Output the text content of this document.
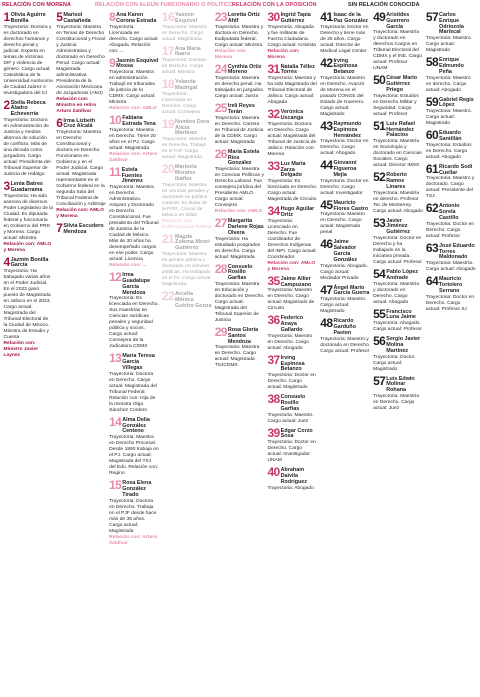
RELACIÓN CON MORENA	RELACIÓN CON ALGÚN FUNCIONARIO O POLÍTICO
RELACIÓN CON LA OPOSICIÓN	SIN RELACIÓN CONOCIDA
1 Olivia Aguirre Bonilla
Trayectoria: Doctora y es doctorado en derechos humanos y derecho penal y judicial. Experta en temas de víctimas. DIF y violencia de género. Cargo actual: Catedrática de la Universidad Autónoma de Ciudad Juárez e investigadora del IIJ
2 Stella Rebeca Aladro Echeverría
Trayectoria: Doctora en Administración de Justicia y medios alternos de solución de conflicto. Más de una década como juzgadora. Cargo actual: Presidenta del Tribunal Superior de Justicia de Hidalgo
3 Lenia Batres Guadarrama
Trayectoria: Ha sido asesora de diversos Poder Legislativo de la Ciudad. Ex diputada federal y funcionaria en Gobierno del PRD y Morena. Cargo actual: Ministra
Relación con: AMLO y Morena
4 Jazmín Bonilla García
Trayectoria: Ha trabajado varias años en el Poder Judicial. En el 2023 ganó puesto de Magistrada en Jalisco en el 2023. Cargo actual: Magistrada del Tribunal Electoral de la Ciudad de México. Ministra de Estudio y Cuenta
Relación con: Ministro Javier Laynez
5 Marisol Castañeda
Trayectoria: Maestra en Temas de Derecho Constitucional y Fiscal y Justicia Administrativa y doctorado en Derecho Penal. Cargo actual: Magistrada administrativa Presidenta de la Asociación Mexicana de Juzgadoras (AMJ)
Relación con: Ministro en retiro Arturo Zaldívar
6 Irma Lizbeth Cruz Alcalá
Trayectoria: Maestra en Derecho Constitucional y doctora en Derecho. Funcionaria en Gobierno y en el Poder Judicial. Cargo actual: Magistrada representante en el Gobierno federal en la segunda Sala del Tribunal Federal de Conciliación y Arbitraje
Relación con: AMLO y Morena
7 Silvia Escudero Mendoza
8 Ana Karen Corona Estrada
Trayectoria: Licenciada en derecho. Cargo actual: Abogada. Relación con: ...
9 Jasmín Esquivel Mossa
Trayectoria: Maestra en administración. Trabajó en tribunales de justicia de la CDMX. Cargo actual: Ministra
Relación con: AMLO
10 Fabiana Estrada Tena
Trayectoria: Maestra en Derecho. Tiene 20 años en el PJ. Cargo actual: Magistrada
Relación con: Arturo Zaldívar
11 Estela Fuentes Jiménez
Trayectoria: Maestra en Derecho Administrativo. Amparo y Doctorado en Derecho Constitucional. Fue presidenta del Tribunal de Justicia de la Ciudad de México. Más de 30 años ha desempeñado cargos en ese poder. Cargo actual: Licencia
Relación con: ...
12 Irma Guadalupe García Mendoza
Trayectoria: Es licenciada en Derecho. Sus maestrías en Ciencias Jurídicas penales y seguridad pública y socios. Cargo actual: Consejera de la Judicatura CDMX
13 María Teresa García Villegas
Trayectoria: Doctora en Derecho. Cargo actual: Magistrada del Tribunal Federal. Relación con: Hija de la ministra Olga Sánchez Cordero
14 Alma Delia González Centeno
Trayectoria: Maestra en Derecho Procesal. Desde 1990 trabaja en el PJ. Cargo actual: Magistrada del TSJ del Edo. Relación con: Regino
15 Rosa Elena González Tirado
Trayectoria: Doctora en Derecho. Trabaja en el PJF desde hace más de 35 años. Cargo actual: Magistrada
Relación con: Arturo Zaldívar
16 Yasmín Esquivel
Trayectoria: Maestra en Derecho. Cargo actual: Magistrada
17 Ana María Ibarra
Trayectoria: Doctora en Derecho. Cargo actual: Ministra
18 Yolanda Madrigal
Trayectoria: Licenciada en Derecho. Cargo actual: Consejera
19 Nombre Dora Alicia Martínez
Trayectoria: Maestra en Derecho. Trabajó en el PJF. Cargo actual: Magistrada
20 Marisela Morales Ibáñez
Trayectoria: Maestra en ciencias penales y doctorado en política criminal. Ex titular de la PGR, Cónsul de México en Milán
Relación con: Exfuncionaria federal
21 Magda Zulema Mosri Gutiérrez
Trayectoria: Maestra en gestión pública y doctorado en ciencias políticas. Ha trabajado en el PJ. Cargo actual: Magistrada
22 Arcelia Mónica Guicho Gonza
23 Loretta Ortiz Ahlf
Trayectoria: Maestra y doctora en Derecho. Exdiputada federal. Cargo actual: Ministra
Relación con: Morena
24 Cynthia Ortiz Moreno
Trayectoria: Maestra en derecho penal. Ha trabajado en juzgados. Cargo actual: Jueza
25 Ireli Reyes Terán
Trayectoria: Maestra en Derecho. Carrera en Tribunal de Justicia de la CDMX. Cargo actual: Magistrada
26 María Estela Ríos González
Trayectoria: Maestra en Ciencias Políticas y Derecho Laboral. Fue consejera jurídica del Presidente AMLO. Cargo actual: Consejera
Relación con: AMLO
27 Margarita Darlene Rojas Olvera
Trayectoria: Ha estudiado posgrados en derecho. Cargo actual: Magistrada
28 Consuelo Rosillo Garfias
Trayectoria: Maestra en Educación y doctorado en Derecho. Cargo actual: Magistrada del Tribunal Superior de Justicia
29 Rosa Gloria Santos Mendoza
Trayectoria: Maestra en Derecho. Cargo actual: Magistrada TSJCDMX
30 Ingrid Tapia Gutiérrez
Trayectoria: Abogada y fue militante de Fuerza Ciudadana. Cargo actual: Activista
Relación con: Morena
31 Natalia Téllez Torres
Trayectoria: Maestra y ha sido Magistrada del Tribunal Electoral de Jalisco. Cargo actual: Abogada
32 Verónica Uscanga
Trayectoria: Doctora en Derecho. Cargo actual: Magistrada del Tribunal de Justicia de Jalisco. Relación con: Morena
33 Luz María Zarza Delgado
Trayectoria: Es licenciada en Derecho. Cargo actual: Magistrada de Circuito
34 Hugo Aguilar Ortiz
Trayectoria: Licenciado en Derecho. Fue coordinador de Derechos Indígenas del INPI. Cargo actual: Coordinador
Relación con: AMLO y Morena
35 Jaime Allier Campuzano
Trayectoria: Maestro en Derecho. Cargo actual: Magistrado de Circuito
36 Federico Anaya Gallardo
Trayectoria: Maestro en Derecho. Cargo actual: Abogado
37 Irving Espinosa Betanzo
Trayectoria: Doctor en Derecho. Cargo actual: Magistrado
38 Consuelo Rosillo Garfias
Trayectoria: Maestro. Cargo actual: Juez
39 Edgar Corzo Sosa
Trayectoria: Doctor en Derecho. Cargo actual: Investigador UNAM
40 Abraham Daivila Rodriguez
Trayectoria: Abogado
41 Isaac de la Paz González
Trayectoria: Doctor en Derecho y tiene más de 20 años. Cargo actual: Director de Medical Legal Center
42 Irving Espinosa Betanzo
Trayectoria: Maestro en Derecho. Avanzó de Morena en el pasado CONGE del Estado de Guerrero. Cargo actual: Magistrado
43 Raymundo Espinoza Hernández
Trayectoria: Doctor en Derecho. Cargo actual: Abogado
44 Giovanni Figueroa Mejía
Trayectoria: Doctor en Derecho. Cargo actual: Investigador
45 Mauricio Flores Castro
Trayectoria: Maestro en Derecho. Cargo actual: Magistrado penal
46 Jaime Salvador García González
Trayectoria: Abogado. Cargo actual: Mediador Privado
47 Ángel Mario García Guerra
Trayectoria: Maestro. Cargo actual: Magistrado
48 Ricardo Garduño Pasten
Trayectoria: Maestro y doctorado en Derecho. Cargo actual: Profesor
49 Aristides Guerrero García
Trayectoria: Maestría y doctorado en derechos Cargos en Tribunal Electoral del CDMX y el INE. Cargo actual: Profesor UNAM
50 César Mario Gutiérrez Priego
Trayectoria: Estudios en Derecho Militar y Seguridad. Cargo actual: Profesor
51 Luis Rafael Hernández Palacios
Trayectoria: Maestría en Sociología y doctorado en Ciencias Sociales. Cargo actual: Director IMSS
52 Roberto Ramos Linares
Trayectoria: Maestría en derecho. Profesor Tec de Monterrey. Cargo actual: Abogado
53 Javier Jiménez Gutiérrez
Trayectoria: Doctor en Derecho y ha trabajado en la iniciativa privada. Cargo actual: Profesor
54 Pablo López Andrade
Trayectoria: Maestría y doctorado en Derecho. Cargo actual: Abogado
55 Francisco Luna Jaime
Trayectoria: Abogado. Cargo actual: Profesor
56 Sergio Javier Molina Martínez
Trayectoria: Doctor. Cargo actual: Magistrado
57 Luis Edwin Molinar Rohana
Trayectoria: Maestría en Derecho. Cargo actual: Juez
57 Carlos Enrique Odriozola Mariscal
Trayectoria: Maestro. Cargo actual: Magistrado
58 Enrique Edmundo Peña
Trayectoria: Maestro en derecho. Cargo actual: Abogado
59 Gabriel Regis López
Trayectoria: Maestro. Cargo actual: Magistrado
60 Eduardo Santillán
Trayectoria: Estudios en Derecho. Cargo actual: Abogado
61 Ricardo Sodi Cuellar
Trayectoria: Maestro y doctorado. Cargo actual: Presidente del TSJ
62 Antonio Sorela Castillo
Trayectoria: Doctor en Derecho. Cargo actual: Profesor
63 José Eduardo Torres Maldonado
Trayectoria: Maestría. Cargo actual: Abogado
64 Mauricio Tortolero Serrano
Trayectoria: Doctor en Derecho. Cargo actual: Profesor IIJ
